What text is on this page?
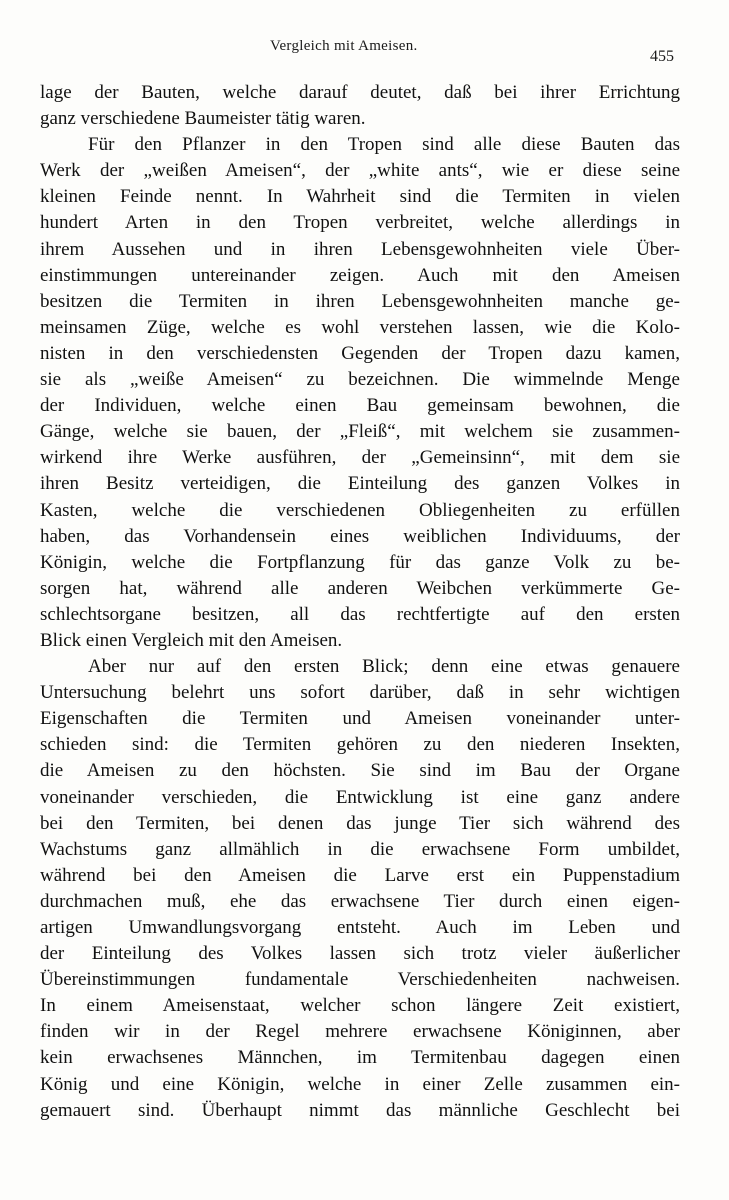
Vergleich mit Ameisen.
455
lage der Bauten, welche darauf deutet, daß bei ihrer Errichtung
ganz verschiedene Baumeister tätig waren.
Für den Pflanzer in den Tropen sind alle diese Bauten das
Werk der „weißen Ameisen“, der „white ants“, wie er diese seine
kleinen Feinde nennt. In Wahrheit sind die Termiten in vielen
hundert Arten in den Tropen verbreitet, welche allerdings in
ihrem Aussehen und in ihren Lebensgewohnheiten viele Über-
einstimmungen untereinander zeigen. Auch mit den Ameisen
besitzen die Termiten in ihren Lebensgewohnheiten manche ge-
meinsamen Züge, welche es wohl verstehen lassen, wie die Kolo-
nisten in den verschiedensten Gegenden der Tropen dazu kamen,
sie als „weiße Ameisen“ zu bezeichnen. Die wimmelnde Menge
der Individuen, welche einen Bau gemeinsam bewohnen, die
Gänge, welche sie bauen, der „Fleiß“, mit welchem sie zusammen-
wirkend ihre Werke ausführen, der „Gemeinsinn“, mit dem sie
ihren Besitz verteidigen, die Einteilung des ganzen Volkes in
Kasten, welche die verschiedenen Obliegenheiten zu erfüllen
haben, das Vorhandensein eines weiblichen Individuums, der
Königin, welche die Fortpflanzung für das ganze Volk zu be-
sorgen hat, während alle anderen Weibchen verkümmerte Ge-
schlechtsorgane besitzen, all das rechtfertigte auf den ersten
Blick einen Vergleich mit den Ameisen.
Aber nur auf den ersten Blick; denn eine etwas genauere
Untersuchung belehrt uns sofort darüber, daß in sehr wichtigen
Eigenschaften die Termiten und Ameisen voneinander unter-
schieden sind: die Termiten gehören zu den niederen Insekten,
die Ameisen zu den höchsten. Sie sind im Bau der Organe
voneinander verschieden, die Entwicklung ist eine ganz andere
bei den Termiten, bei denen das junge Tier sich während des
Wachstums ganz allmählich in die erwachsene Form umbildet,
während bei den Ameisen die Larve erst ein Puppenstadium
durchmachen muß, ehe das erwachsene Tier durch einen eigen-
artigen Umwandlungsvorgang entsteht. Auch im Leben und
der Einteilung des Volkes lassen sich trotz vieler äußerlicher
Übereinstimmungen fundamentale Verschiedenheiten nachweisen.
In einem Ameisenstaat, welcher schon längere Zeit existiert,
finden wir in der Regel mehrere erwachsene Königinnen, aber
kein erwachsenes Männchen, im Termitenbau dagegen einen
König und eine Königin, welche in einer Zelle zusammen ein-
gemauert sind. Überhaupt nimmt das männliche Geschlecht bei
